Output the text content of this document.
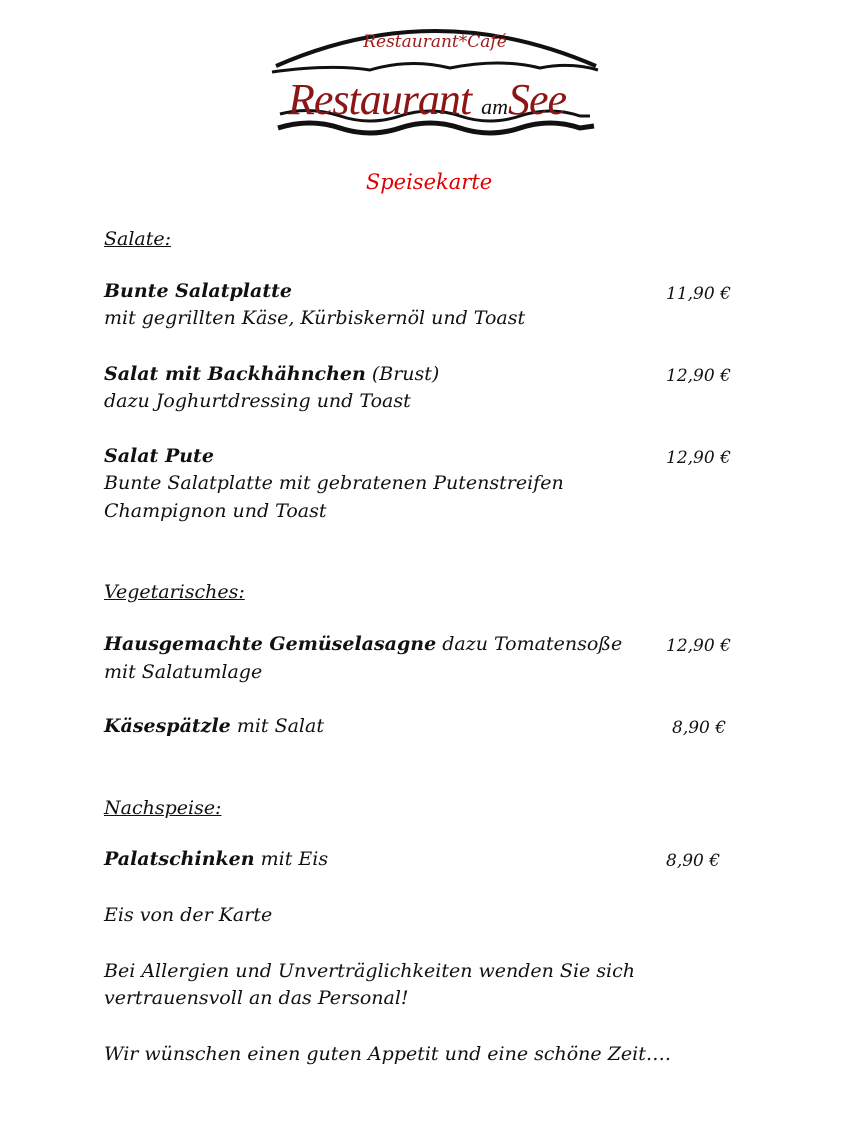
Restaurant*Café
Restaurant amSee
Speisekarte
Salate:
Bunte Salatplatte	11,90 €
mit gegrillten Käse, Kürbiskernöl und Toast
Salat mit Backhähnchen (Brust)	12,90 €
dazu Joghurtdressing und Toast
Salat Pute	12,90 €
Bunte Salatplatte mit gebratenen Putenstreifen
Champignon und Toast
Vegetarisches:
Hausgemachte Gemüselasagne dazu Tomatensoße	12,90 €
mit Salatumlage
Käsespätzle mit Salat	8,90 €
Nachspeise:
Palatschinken mit Eis	8,90 €
Eis von der Karte
Bei Allergien und Unverträglichkeiten wenden Sie sich
vertrauensvoll an das Personal!
Wir wünschen einen guten Appetit und eine schöne Zeit….
